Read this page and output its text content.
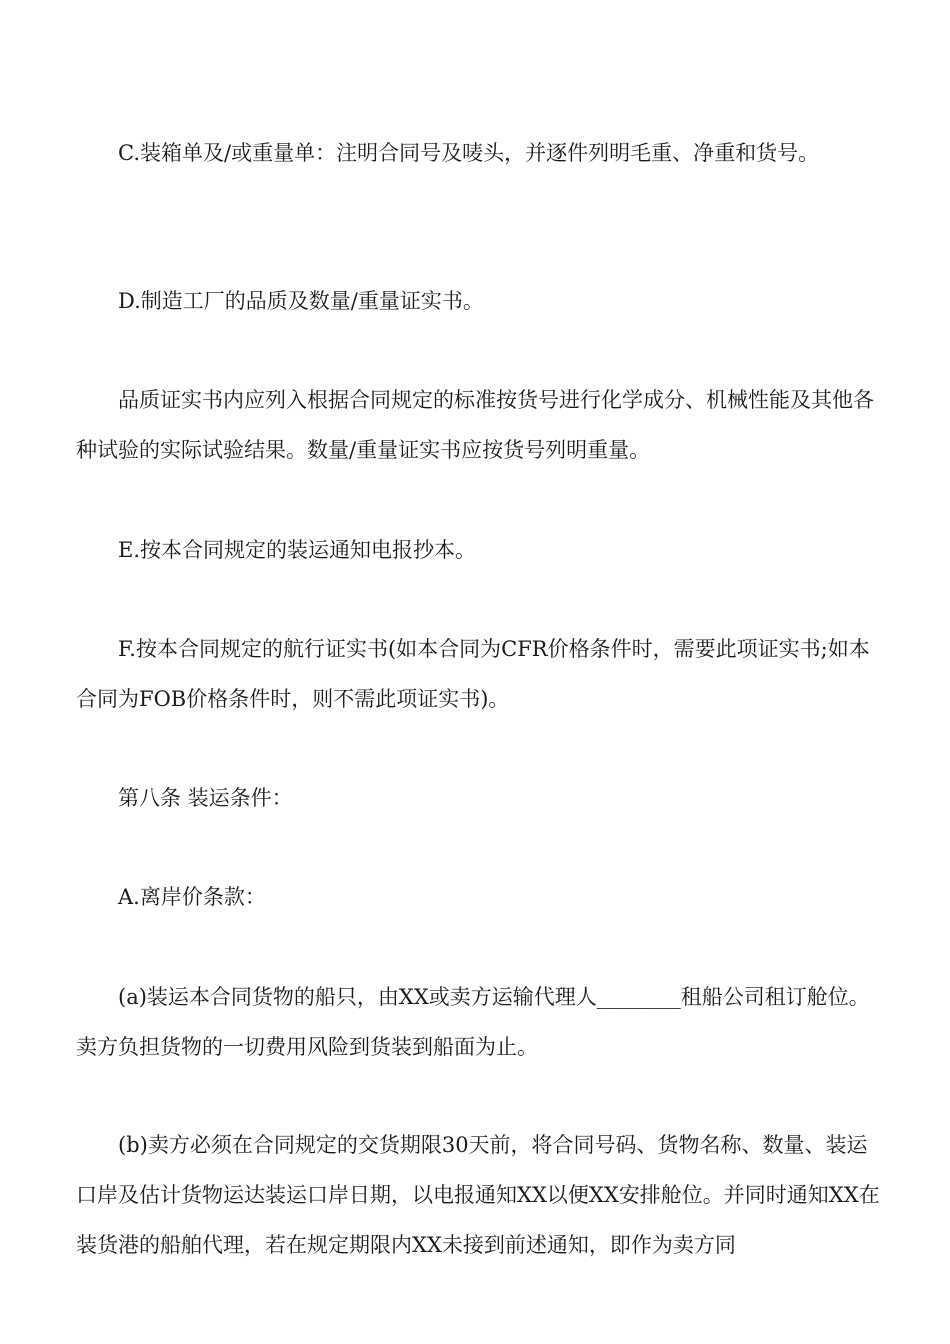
C.装箱单及/或重量单：注明合同号及唛头，并逐件列明毛重、净重和货号。

D.制造工厂的品质及数量/重量证实书。

品质证实书内应列入根据合同规定的标准按货号进行化学成分、机械性能及其他各种试验的实际试验结果。数量/重量证实书应按货号列明重量。

E.按本合同规定的装运通知电报抄本。

F.按本合同规定的航行证实书(如本合同为CFR价格条件时，需要此项证实书;如本合同为FOB价格条件时，则不需此项证实书)。

第八条 装运条件：

A.离岸价条款：

(a)装运本合同货物的船只，由XX或卖方运输代理人________租船公司租订舱位。卖方负担货物的一切费用风险到货装到船面为止。

(b)卖方必须在合同规定的交货期限30天前，将合同号码、货物名称、数量、装运口岸及估计货物运达装运口岸日期，以电报通知XX以便XX安排舱位。并同时通知XX在装货港的船舶代理，若在规定期限内XX未接到前述通知，即作为卖方同
